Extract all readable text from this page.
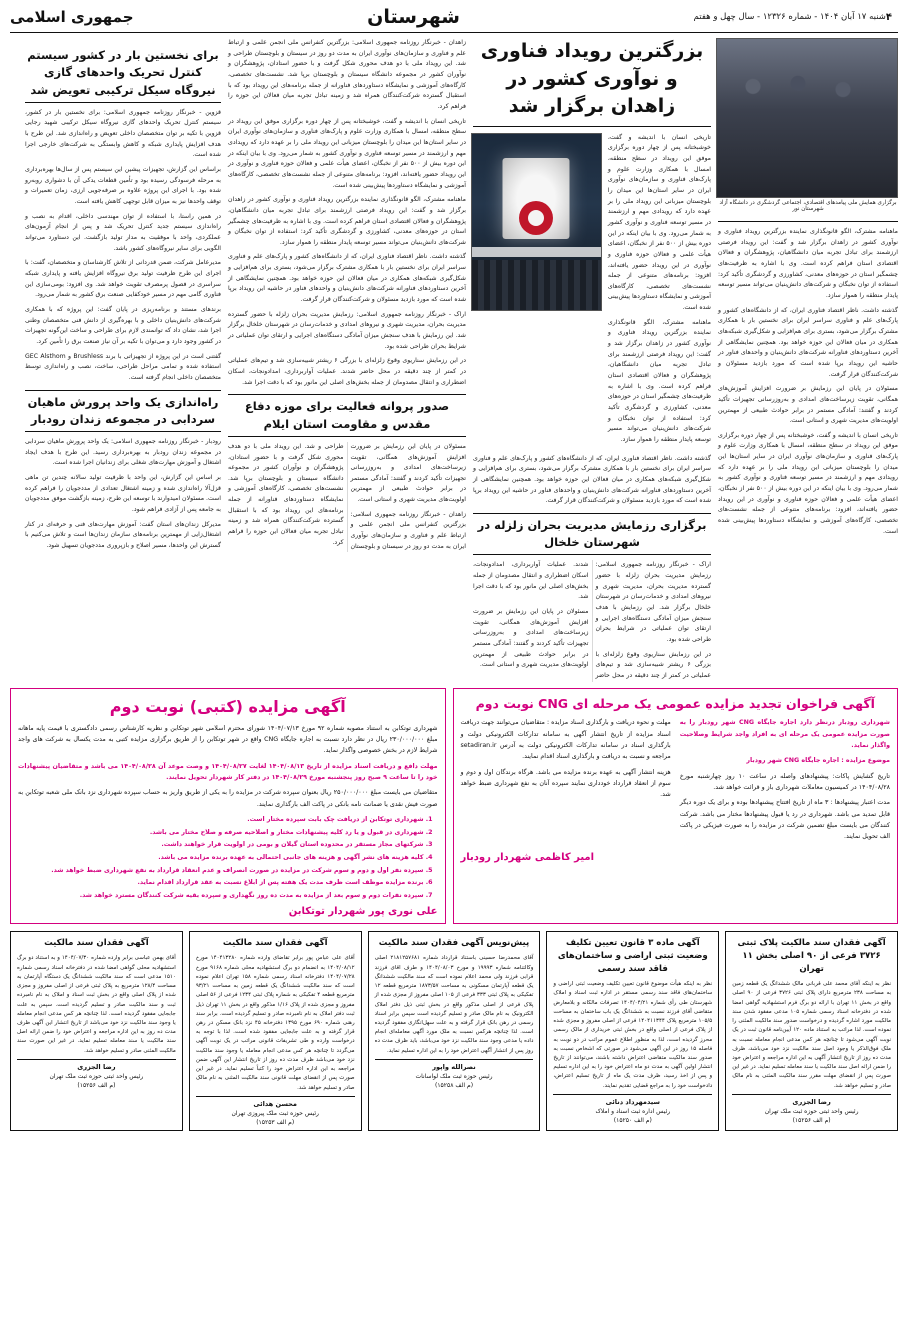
۴
شنبه ۱۷ آبان ۱۴۰۴ - شماره ۱۲۳۲۶ - سال چهل و هفتم
شهرستان
جمهوری اسلامی
برگزاری همایش ملی پیامدهای اقتصادی، اجتماعی گردشگری در دانشگاه آزاد شهرستان نور

ماهنامه مشترک، الگو قانونگذاری نماینده بزرگترین رویداد فناوری و نوآوری کشور در زاهدان برگزار شد و گفت: این رویداد فرصتی ارزشمند برای تبادل تجربه میان دانشگاهیان، پژوهشگران و فعالان اقتصادی استان فراهم کرده است. وی با اشاره به ظرفیت‌های چشمگیر استان در حوزه‌های معدنی، کشاورزی و گردشگری تأکید کرد: استفاده از توان نخبگان و شرکت‌های دانش‌بنیان می‌تواند مسیر توسعه پایدار منطقه را هموار سازد.

گذشته داشت. ناظر اقتصاد فناوری ایران، که از دانشگاه‌های کشور و پارک‌های علم و فناوری سراسر ایران برای نخستین بار با همکاری مشترک برگزار می‌شود، بستری برای هم‌افزایی و شکل‌گیری شبکه‌های همکاری در میان فعالان این حوزه خواهد بود. همچنین نمایشگاهی از آخرین دستاوردهای فناورانه شرکت‌های دانش‌بنیان و واحدهای فناور در حاشیه این رویداد برپا شده است که مورد بازدید مسئولان و شرکت‌کنندگان قرار گرفت.

مسئولان در پایان این رزمایش بر ضرورت افزایش آموزش‌های همگانی، تقویت زیرساخت‌های امدادی و به‌روزرسانی تجهیزات تأکید کردند و گفتند: آمادگی مستمر در برابر حوادث طبیعی از مهمترین اولویت‌های مدیریت شهری و استانی است.

تاریخی انسان با اندیشه و گفت، خوشبختانه پس از چهار دوره برگزاری موفق این رویداد در سطح منطقه، امسال با همکاری وزارت علوم و پارک‌های فناوری و سازمان‌های نوآوری ایران در سایر استان‌ها این میدان را بلوچستان میزبانی این رویداد ملی را بر عهده دارد که رویدادی مهم و ارزشمند در مسیر توسعه فناوری و نوآوری کشور به شمار می‌رود. وی با بیان اینکه در این دوره بیش از ۵۰۰ نفر از نخبگان، اعضای هیأت علمی و فعالان حوزه فناوری و نوآوری در این رویداد حضور یافته‌اند، افزود: برنامه‌های متنوعی از جمله نشست‌های تخصصی، کارگاه‌های آموزشی و نمایشگاه دستاوردها پیش‌بینی شده است.

بزرگترین رویداد فناوری و نوآوری کشور در زاهدان برگزار شد

تاریخی انسان با اندیشه و گفت، خوشبختانه پس از چهار دوره برگزاری موفق این رویداد در سطح منطقه، امسال با همکاری وزارت علوم و پارک‌های فناوری و سازمان‌های نوآوری ایران در سایر استان‌ها این میدان را بلوچستان میزبانی این رویداد ملی را بر عهده دارد که رویدادی مهم و ارزشمند در مسیر توسعه فناوری و نوآوری کشور به شمار می‌رود. وی با بیان اینکه در این دوره بیش از ۵۰۰ نفر از نخبگان، اعضای هیأت علمی و فعالان حوزه فناوری و نوآوری در این رویداد حضور یافته‌اند، افزود: برنامه‌های متنوعی از جمله نشست‌های تخصصی، کارگاه‌های آموزشی و نمایشگاه دستاوردها پیش‌بینی شده است.

ماهنامه مشترک، الگو قانونگذاری نماینده بزرگترین رویداد فناوری و نوآوری کشور در زاهدان برگزار شد و گفت: این رویداد فرصتی ارزشمند برای تبادل تجربه میان دانشگاهیان، پژوهشگران و فعالان اقتصادی استان فراهم کرده است. وی با اشاره به ظرفیت‌های چشمگیر استان در حوزه‌های معدنی، کشاورزی و گردشگری تأکید کرد: استفاده از توان نخبگان و شرکت‌های دانش‌بنیان می‌تواند مسیر توسعه پایدار منطقه را هموار سازد.

گذشته داشت. ناظر اقتصاد فناوری ایران، که از دانشگاه‌های کشور و پارک‌های علم و فناوری سراسر ایران برای نخستین بار با همکاری مشترک برگزار می‌شود، بستری برای هم‌افزایی و شکل‌گیری شبکه‌های همکاری در میان فعالان این حوزه خواهد بود. همچنین نمایشگاهی از آخرین دستاوردهای فناورانه شرکت‌های دانش‌بنیان و واحدهای فناور در حاشیه این رویداد برپا شده است که مورد بازدید مسئولان و شرکت‌کنندگان قرار گرفت.

برگزاری رزمایش مدیریت بحران زلزله در شهرستان خلخال

اراک - خبرنگار روزنامه جمهوری اسلامی: رزمایش مدیریت بحران زلزله با حضور گسترده مدیریت بحران، مدیریت شهری و نیروهای امدادی و خدمات‌رسان در شهرستان خلخال برگزار شد. این رزمایش با هدف سنجش میزان آمادگی دستگاه‌های اجرایی و ارتقای توان عملیاتی در شرایط بحران طراحی شده بود.

در این رزمایش سناریوی وقوع زلزله‌ای با بزرگی ۶ ریشتر شبیه‌سازی شد و تیم‌های عملیاتی در کمتر از چند دقیقه در محل حاضر شدند. عملیات آواربرداری، امدادونجات، اسکان اضطراری و انتقال مصدومان از جمله بخش‌های اصلی این مانور بود که با دقت اجرا شد.

مسئولان در پایان این رزمایش بر ضرورت افزایش آموزش‌های همگانی، تقویت زیرساخت‌های امدادی و به‌روزرسانی تجهیزات تأکید کردند و گفتند: آمادگی مستمر در برابر حوادث طبیعی از مهمترین اولویت‌های مدیریت شهری و استانی است.

زاهدان - خبرنگار روزنامه جمهوری اسلامی: بزرگترین کنفرانس ملی انجمن علمی و ارتباط علم و فناوری و سازمان‌های نوآوری ایران به مدت دو روز در سیستان و بلوچستان طراحی و شد. این رویداد ملی با دو هدف محوری شکل گرفت و با حضور استادان، پژوهشگران و نوآوران کشور در مجموعه دانشگاه سیستان و بلوچستان برپا شد. نشست‌های تخصصی، کارگاه‌های آموزشی و نمایشگاه دستاوردهای فناورانه از جمله برنامه‌های این رویداد بود که با استقبال گسترده شرکت‌کنندگان همراه شد و زمینه تبادل تجربه میان فعالان این حوزه را فراهم کرد.

تاریخی انسان با اندیشه و گفت، خوشبختانه پس از چهار دوره برگزاری موفق این رویداد در سطح منطقه، امسال با همکاری وزارت علوم و پارک‌های فناوری و سازمان‌های نوآوری ایران در سایر استان‌ها این میدان را بلوچستان میزبانی این رویداد ملی را بر عهده دارد که رویدادی مهم و ارزشمند در مسیر توسعه فناوری و نوآوری کشور به شمار می‌رود. وی با بیان اینکه در این دوره بیش از ۵۰۰ نفر از نخبگان، اعضای هیأت علمی و فعالان حوزه فناوری و نوآوری در این رویداد حضور یافته‌اند، افزود: برنامه‌های متنوعی از جمله نشست‌های تخصصی، کارگاه‌های آموزشی و نمایشگاه دستاوردها پیش‌بینی شده است.

ماهنامه مشترک، الگو قانونگذاری نماینده بزرگترین رویداد فناوری و نوآوری کشور در زاهدان برگزار شد و گفت: این رویداد فرصتی ارزشمند برای تبادل تجربه میان دانشگاهیان، پژوهشگران و فعالان اقتصادی استان فراهم کرده است. وی با اشاره به ظرفیت‌های چشمگیر استان در حوزه‌های معدنی، کشاورزی و گردشگری تأکید کرد: استفاده از توان نخبگان و شرکت‌های دانش‌بنیان می‌تواند مسیر توسعه پایدار منطقه را هموار سازد.

گذشته داشت. ناظر اقتصاد فناوری ایران، که از دانشگاه‌های کشور و پارک‌های علم و فناوری سراسر ایران برای نخستین بار با همکاری مشترک برگزار می‌شود، بستری برای هم‌افزایی و شکل‌گیری شبکه‌های همکاری در میان فعالان این حوزه خواهد بود. همچنین نمایشگاهی از آخرین دستاوردهای فناورانه شرکت‌های دانش‌بنیان و واحدهای فناور در حاشیه این رویداد برپا شده است که مورد بازدید مسئولان و شرکت‌کنندگان قرار گرفت.

اراک - خبرنگار روزنامه جمهوری اسلامی: رزمایش مدیریت بحران زلزله با حضور گسترده مدیریت بحران، مدیریت شهری و نیروهای امدادی و خدمات‌رسان در شهرستان خلخال برگزار شد. این رزمایش با هدف سنجش میزان آمادگی دستگاه‌های اجرایی و ارتقای توان عملیاتی در شرایط بحران طراحی شده بود.

در این رزمایش سناریوی وقوع زلزله‌ای با بزرگی ۶ ریشتر شبیه‌سازی شد و تیم‌های عملیاتی در کمتر از چند دقیقه در محل حاضر شدند. عملیات آواربرداری، امدادونجات، اسکان اضطراری و انتقال مصدومان از جمله بخش‌های اصلی این مانور بود که با دقت اجرا شد.

صدور پروانه فعالیت برای موزه دفاع مقدس و مقاومت استان ایلام

مسئولان در پایان این رزمایش بر ضرورت افزایش آموزش‌های همگانی، تقویت زیرساخت‌های امدادی و به‌روزرسانی تجهیزات تأکید کردند و گفتند: آمادگی مستمر در برابر حوادث طبیعی از مهمترین اولویت‌های مدیریت شهری و استانی است.

زاهدان - خبرنگار روزنامه جمهوری اسلامی: بزرگترین کنفرانس ملی انجمن علمی و ارتباط علم و فناوری و سازمان‌های نوآوری ایران به مدت دو روز در سیستان و بلوچستان طراحی و شد. این رویداد ملی با دو هدف محوری شکل گرفت و با حضور استادان، پژوهشگران و نوآوران کشور در مجموعه دانشگاه سیستان و بلوچستان برپا شد. نشست‌های تخصصی، کارگاه‌های آموزشی و نمایشگاه دستاوردهای فناورانه از جمله برنامه‌های این رویداد بود که با استقبال گسترده شرکت‌کنندگان همراه شد و زمینه تبادل تجربه میان فعالان این حوزه را فراهم کرد.

برای نخستین بار در کشور سیستم کنترل تحریک واحدهای گازی نیروگاه سیکل ترکیبی تعویض شد

قزوین - خبرنگار روزنامه جمهوری اسلامی: برای نخستین بار در کشور، سیستم کنترل تحریک واحدهای گازی نیروگاه سیکل ترکیبی شهید رجایی قزوین با تکیه بر توان متخصصان داخلی تعویض و راه‌اندازی شد. این طرح با هدف افزایش پایداری شبکه و کاهش وابستگی به شرکت‌های خارجی اجرا شده است.

براساس این گزارش، تجهیزات پیشین این سیستم پس از سال‌ها بهره‌برداری به مرحله فرسودگی رسیده بود و تأمین قطعات یدکی آن با دشواری روبه‌رو شده بود. با اجرای این پروژه علاوه بر صرفه‌جویی ارزی، زمان تعمیرات و توقف واحدها نیز به میزان قابل توجهی کاهش یافته است.

در همین راستا، با استفاده از توان مهندسی داخلی، اقدام به نصب و راه‌اندازی سیستم جدید کنترل تحریک شد و پس از انجام آزمون‌های عملکردی، واحد با موفقیت به مدار تولید بازگشت. این دستاورد می‌تواند الگویی برای سایر نیروگاه‌های کشور باشد.

مدیرعامل شرکت، ضمن قدردانی از تلاش کارشناسان و متخصصان، گفت: با اجرای این طرح ظرفیت تولید برق نیروگاه افزایش یافته و پایداری شبکه سراسری در فصول پرمصرف تقویت خواهد شد. وی افزود: بومی‌سازی این فناوری گامی مهم در مسیر خودکفایی صنعت برق کشور به شمار می‌رود.

برندهای مستند و برنامه‌ریزی در پایان گفت: این پروژه که با همکاری شرکت‌های دانش‌بنیان داخلی و با بهره‌گیری از دانش فنی متخصصان وطنی اجرا شد، نشان داد که توانمندی لازم برای طراحی و ساخت این‌گونه تجهیزات در کشور وجود دارد و می‌توان با تکیه بر آن نیاز صنعت برق را تأمین کرد.

گفتنی است در این پروژه از تجهیزاتی با برند Brushless و GEC Alsthom استفاده شده و تمامی مراحل طراحی، ساخت، نصب و راه‌اندازی توسط متخصصان داخلی انجام گرفته است.

راه‌اندازی یک واحد پرورش ماهیان سردابی در مجموعه زندان رودبار

رودبار - خبرنگار روزنامه جمهوری اسلامی: یک واحد پرورش ماهیان سردابی در مجموعه زندان رودبار به بهره‌برداری رسید. این طرح با هدف ایجاد اشتغال و آموزش مهارت‌های شغلی برای زندانیان اجرا شده است.

بر اساس این گزارش، این واحد با ظرفیت تولید سالانه چندین تن ماهی قزل‌آلا راه‌اندازی شده و زمینه اشتغال تعدادی از مددجویان را فراهم کرده است. مسئولان امیدوارند با توسعه این طرح، زمینه بازگشت موفق مددجویان به جامعه پس از آزادی فراهم شود.

مدیرکل زندان‌های استان گفت: آموزش مهارت‌های فنی و حرفه‌ای در کنار اشتغال‌زایی از مهمترین برنامه‌های سازمان زندان‌ها است و تلاش می‌کنیم با گسترش این واحدها، مسیر اصلاح و بازپروری مددجویان تسهیل شود.

آگهی فراخوان تجدید مزایده عمومی یک مرحله ای CNG نوبت دوم

شهرداری رودبار درنظر دارد اجاره جایگاه CNG شهر رودبار را به صورت مزایده عمومی یک مرحله ای به افراد واجد شرایط وصلاحیت واگذار نماید.

موضوع مزایده : اجاره جایگاه CNG شهر رودبار

تاریخ گشایش پاکات: پیشنهادهای واصله در ساعت ۱۰ روز چهارشنبه مورخ ۱۴۰۴/۰۸/۲۸ در کمیسیون معاملات شهرداری باز و قرائت خواهد شد.

مدت اعتبار پیشنهادها : ۳ ماه از تاریخ افتتاح پیشنهادها بوده و برای یک دوره دیگر قابل تمدید می باشد. شهرداری در رد یا قبول پیشنهادها مختار می باشد. شرکت کنندگان می بایست مبلغ تضمین شرکت در مزایده را به صورت فیزیکی در پاکت الف تحویل نمایند.

مهلت و نحوه دریافت و بارگذاری اسناد مزایده : متقاضیان می‌توانند جهت دریافت اسناد مزایده از تاریخ انتشار آگهی به سامانه تدارکات الکترونیکی دولت و بارگذاری اسناد در سامانه تدارکات الکترونیکی دولت به آدرس setadiran.ir مراجعه و نسبت به دریافت و بارگذاری اسناد اقدام نمایند.

هزینه انتشار آگهی به عهده برنده مزایده می باشد. هرگاه برندگان اول و دوم و سوم از انعقاد قرارداد خودداری نمایند سپرده آنان به نفع شهرداری ضبط خواهد شد.

امیر کاظمی شهردار رودبار
آگهی مزایده (کتبی) نوبت دوم

شهرداری توتکابن به استناد مصوبه شماره ۹۲ مورخ ۱۴۰۴/۰۷/۱۳ شورای محترم اسلامی شهر توتکابن و نظریه کارشناس رسمی دادگستری با قیمت پایه ماهانه مبلغ ۲۳۰/۰۰۰/۰۰۰ ریال در نظر دارد نسبت به اجاره جایگاه CNG واقع در شهر توتکابن را از طریق برگزاری مزایده کتبی به مدت یکسال به شرکت های واجد شرایط لازم در بخش خصوصی واگذار نماید.

مهلت دافع و دریافت اسناد مزایده از تاریخ ۱۴۰۴/۰۸/۱۳ لغایت ۱۴۰۴/۰۸/۲۷ و وصت موعد آن ۱۴۰۴/۰۸/۲۸ می باشد و متقاضیان پیشنهادات خود را تا ساعت ۹ صبح روز پنجشنبه مورخ ۱۴۰۴/۰۸/۲۹ در دفتر کار شهردار تحویل نمایند.

متقاضیان می بایست مبلغ ۲۵۰/۰۰۰/۰۰۰ ریال بعنوان سپرده شرکت در مزایده را به یکی از طریق واریز به حساب سپرده شهرداری نزد بانک ملی شعبه توتکابن به صورت فیش نقدی یا ضمانت نامه بانکی در پاکت الف بارگذاری نمایند.

1. شهرداری توتکابن از دریافت چک بابت سپرده مختار است.
2. شهرداری در قبول و یا رد کلیه پیشنهادات مختار و اصلاحیه صرفه و صلاح مختار می باشد.
3. شرکتهای مجاز مستقر در محدوده استان گیلان و بومی در اولویت قرار خواهند داشت.
4. کلیه هزینه های نشر آگهی و هزینه های جانبی احتمالی به عهده برنده مزایده می باشد.
5. سپرده نفر اول و دوم و سوم شرکت در مزایده در صورت انصراف و عدم انعقاد قرارداد به نفع شهرداری ضبط خواهد شد.
6. برنده مزایده موظف است ظرف مدت یک هفته پس از ابلاغ نسبت به عقد قرارداد اقدام نماید.
7. سپرده نفرات دوم و سوم بعد از مزایده به مدت ده روز نگهداری و سپرده بقیه شرکت کنندگان مسترد خواهد شد.
علی نوری پور شهردار توتکابن
آگهی فقدان سند مالکیت پلاک ثبتی ۳۷۲۶ فرعی از ۹۰ اصلی بخش ۱۱ تهران

نظر به اینکه آقای محمد علی قربانی مالک ششدانگ یک قطعه زمین به مساحت ۲۳۸ مترمربع دارای پلاک ثبتی ۳۷۲۶ فرعی از ۹۰ اصلی واقع در بخش ۱۱ تهران با ارائه دو برگ فرم استشهادیه گواهی امضا شده در دفترخانه اسناد رسمی شماره ۱۰۵ مدعی مفقود شدن سند مالکیت مورد اشاره گردیده و درخواست صدور سند مالکیت المثنی را نموده است. لذا مراتب به استناد ماده ۱۲۰ آیین‌نامه قانون ثبت در یک نوبت آگهی می‌شود تا چنانچه هر کس مدعی انجام معامله نسبت به ملک فوق‌الذکر یا وجود اصل سند مالکیت نزد خود می‌باشد، ظرف مدت ده روز از تاریخ انتشار آگهی به این اداره مراجعه و اعتراض خود را ضمن ارائه اصل سند مالکیت یا سند معامله تسلیم نماید. در غیر این صورت پس از انقضای مهلت مقرر سند مالکیت المثنی به نام مالک صادر و تسلیم خواهد شد.

رضا الجزری
رئیس واحد ثبتی حوزه ثبت ملک تهران
(م الف ۱۵۲۵۶)
آگهی ماده ۳ قانون تعیین تکلیف وضعیت ثبتی اراضی و ساختمان‌های فاقد سند رسمی

نظر به اینکه هیأت موضوع قانون تعیین تکلیف وضعیت ثبتی اراضی و ساختمان‌های فاقد سند رسمی مستقر در اداره ثبت اسناد و املاک شهرستان طی رأی شماره ۱۴۰۴/۰۴/۲۱ تصرفات مالکانه و بلامعارض متقاضی آقای فرزند نسبت به ششدانگ یک باب ساختمان به مساحت ۱۰۵/۵ مترمربع پلاک ۱۴۰۴۱۱۳۴۴ فرعی از اصلی مفروز و مجزی شده از پلاک فرعی از اصلی واقع در بخش ثبتی خریداری از مالک رسمی محرز گردیده است، لذا به منظور اطلاع عموم مراتب در دو نوبت به فاصله ۱۵ روز در این آگهی می‌شود در صورتی که اشخاص نسبت به صدور سند مالکیت متقاضی اعتراض داشته باشند، می‌توانند از تاریخ انتشار اولین آگهی به مدت دو ماه اعتراض خود را به این اداره تسلیم و پس از اخذ رسید، ظرف مدت یک ماه از تاریخ تسلیم اعتراض، دادخواست خود را به مراجع قضایی تقدیم نمایند.

سیدمهرداد دنائی
رئیس اداره ثبت اسناد و املاک
(م الف ۱۵۲۵۰)
پیش‌نویس آگهی فقدان سند مالکیت

آقای محمدرضا حسینی باستناد قرارداد شماره ۲۱۸۱۲۵۷۶۸۱ اصلی وکالتنامه شماره ۱۹۹۹۳ و مورخ ۱۴۰۴/۰۸/۰۳ و طرف اقای فرزند قرابی فرزند ولی محمد اعلام نموده است که سند مالکیت ششدانگ یک قطعه آپارتمان مسکونی به مساحت ۱۸۷۳/۵۷ مترمربع قطعه ۱۲ تفکیکی به پلاک ثبتی ۳۳۳ فرعی از ۱۰۵ اصلی مفروز از مجزی شده از پلاک فرعی از اصلی مذکور واقع در بخش ثبتی ذیل دفتر املاک الکترونیک به نام مالک صادر و تسلیم گردیده است سپس برابر اسناد رسمی در رهن بانک قرار گرفته و به علت سهل‌انگاری مفقود گردیده است. لذا چنانچه هرکس نسبت به ملک مورد آگهی معامله‌ای انجام داده یا مدعی وجود سند مالکیت نزد خود می‌باشد، باید ظرف مدت ده روز پس از انتشار آگهی اعتراض خود را به این اداره تسلیم نماید.

نصرالله واپور
رئیس حوزه ثبت ملک لواسانات
(م الف ۱۵۲۵۸)
آگهی فقدان سند مالکیت

آقای علی عباس پور برابر تقاضای وارده شماره ۱۴۰۴۱۳۲۸۰ مورخ ۱۴۰۴/۰۸/۱۲ به انضمام دو برگ استشهادیه محلی شماره ۹۱۶۸ مورخ ۱۴۰۴/۰۷/۲۸ دفترخانه اسناد رسمی شماره ۱۵۸ تهران اعلام نموده است که سند مالکیت ششدانگ یک قطعه زمین به مساحت ۹۳/۲۱ مترمربع قطعه ۴ تفکیکی به شماره پلاک ثبتی ۱۲۳۴ فرعی از ۵۶ اصلی مفروز و مجزی شده از پلاک ۱/۱۶ مذکور واقع در بخش ۱۱ تهران ذیل ثبت دفتر املاک به نام نامبرده صادر و تسلیم گردیده است. برابر سند رهنی شماره ۶۹۰ مورخ ۱۳۹۵ دفترخانه ۴۵ نزد بانک مسکن در رهن قرار گرفته و به علت جابجایی مفقود شده است. لذا با توجه به درخواست وارده و طی تشریفات قانونی مراتب در یک نوبت آگهی می‌گردد تا چنانچه هر کس مدعی انجام معامله یا وجود سند مالکیت نزد خود می‌باشد ظرف مدت ده روز از تاریخ انتشار این آگهی ضمن مراجعه به این اداره اعتراض خود را کتباً تسلیم نماید. در غیر این صورت پس از انقضای مهلت قانونی سند مالکیت المثنی به نام مالک صادر و تسلیم خواهد شد.

محسن هدائی
رئیس حوزه ثبت ملک پیروزی تهران
(م الف ۱۵۲۵۳)
آگهی فقدان سند مالکیت

آقای بهمن عباسی برابر وارده شماره ۱۴۰۴/۰۷/۳۰ و به استناد دو برگ استشهادیه محلی گواهی امضا شده در دفترخانه اسناد رسمی شماره ۱۵۱۰ مدعی است که سند مالکیت ششدانگ یک دستگاه آپارتمان به مساحت ۱۲۸/۴ مترمربع به پلاک ثبتی فرعی از اصلی مفروز و مجزی شده از پلاک اصلی واقع در بخش ثبت اسناد و املاک به نام نامبرده ثبت و سند مالکیت صادر و تسلیم گردیده است. سپس به علت جابجایی مفقود گردیده است. لذا چنانچه هر کس مدعی انجام معامله یا وجود سند مالکیت نزد خود می‌باشد از تاریخ انتشار این آگهی ظرف مدت ده روز به این اداره مراجعه و اعتراض خود را ضمن ارائه اصل سند مالکیت یا سند معامله تسلیم نماید. در غیر این صورت سند مالکیت المثنی صادر و تسلیم خواهد شد.

رضا الجزری
رئیس واحد ثبتی حوزه ثبت ملک تهران
(م الف ۱۵۲۵۶)
